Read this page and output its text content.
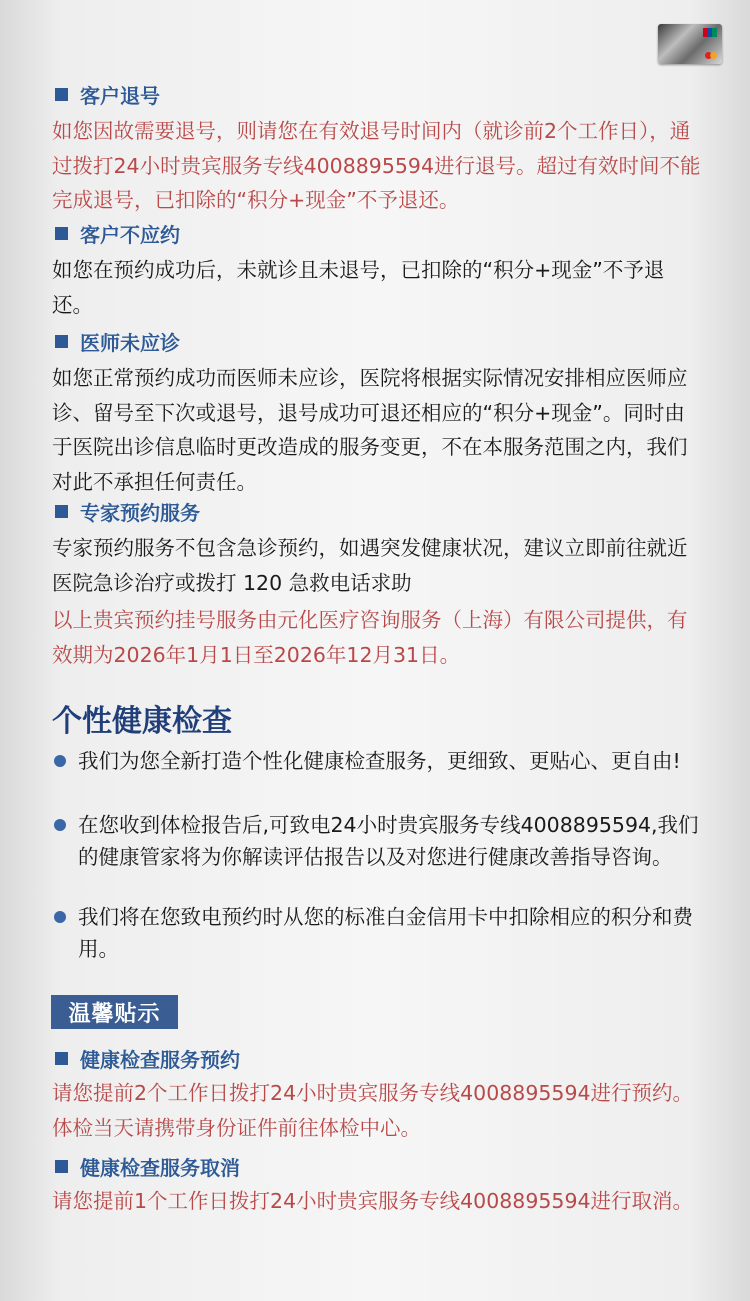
客户退号

如您因故需要退号，则请您在有效退号时间内（就诊前2个工作日），通过拨打24小时贵宾服务专线4008895594进行退号。超过有效时间不能完成退号，已扣除的“积分+现金”不予退还。

客户不应约

如您在预约成功后，未就诊且未退号，已扣除的“积分+现金”不予退还。

医师未应诊

如您正常预约成功而医师未应诊，医院将根据实际情况安排相应医师应诊、留号至下次或退号，退号成功可退还相应的“积分+现金”。同时由于医院出诊信息临时更改造成的服务变更，不在本服务范围之内，我们对此不承担任何责任。

专家预约服务

专家预约服务不包含急诊预约，如遇突发健康状况，建议立即前往就近医院急诊治疗或拨打 120 急救电话求助

以上贵宾预约挂号服务由元化医疗咨询服务（上海）有限公司提供，有效期为2026年1月1日至2026年12月31日。

个性健康检查
我们为您全新打造个性化健康检查服务，更细致、更贴心、更自由!
在您收到体检报告后,可致电24小时贵宾服务专线4008895594,我们的健康管家将为你解读评估报告以及对您进行健康改善指导咨询。
我们将在您致电预约时从您的标准白金信用卡中扣除相应的积分和费用。
温馨贴示
健康检查服务预约

请您提前2个工作日拨打24小时贵宾服务专线4008895594进行预约。体检当天请携带身份证件前往体检中心。

健康检查服务取消

请您提前1个工作日拨打24小时贵宾服务专线4008895594进行取消。
